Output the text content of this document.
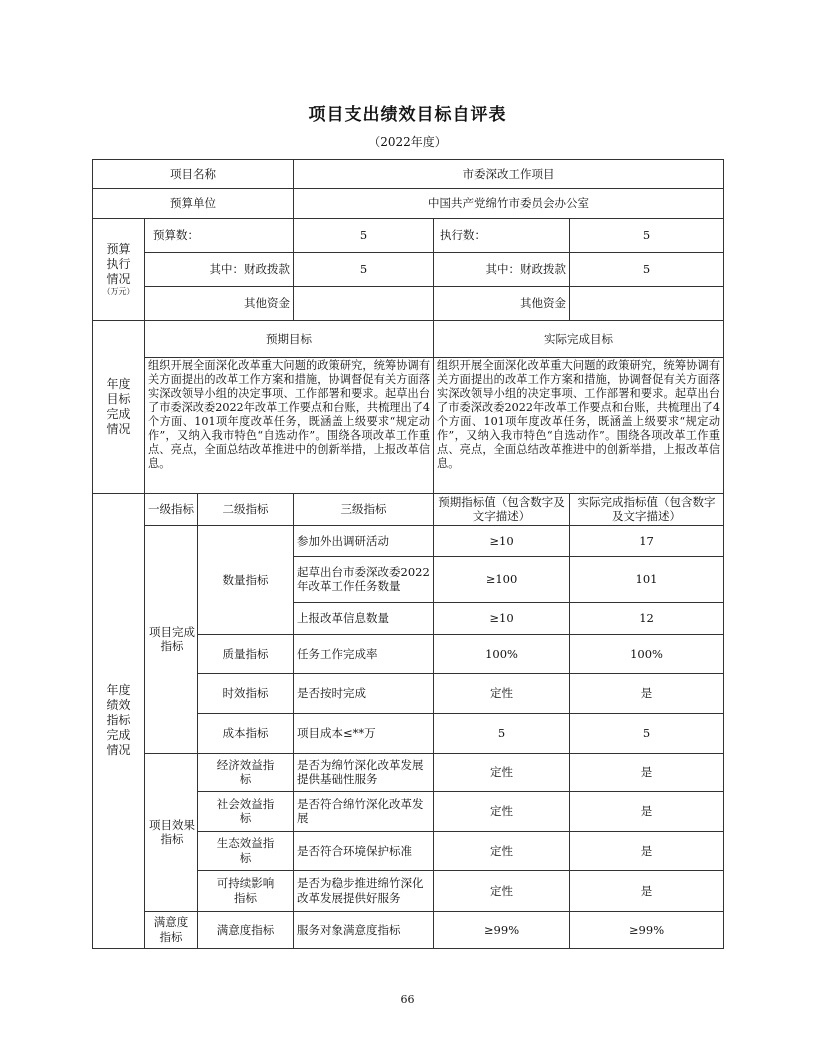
项目支出绩效目标自评表
（2022年度）
项目名称			市委深改工作项目		
预算单位			中国共产党绵竹市委员会办公室		

预算执行情况
（万元）	预算数：		5	执行数：	5
	其中：财政拨款		5	其中：财政拨款	5
	其他资金			其他资金	

年度目标完成情况	预期目标			实际完成目标	
	组织开展全面深化改革重大问题的政策研究，统筹协调有关方面提出的改革工作方案和措施，协调督促有关方面落实深改领导小组的决定事项、工作部署和要求。起草出台了市委深改委2022年改革工作要点和台账，共梳理出了4个方面、101项年度改革任务，既涵盖上级要求“规定动作”，又纳入我市特色“自选动作”。围绕各项改革工作重点、亮点，全面总结改革推进中的创新举措，上报改革信息。			组织开展全面深化改革重大问题的政策研究，统筹协调有关方面提出的改革工作方案和措施，协调督促有关方面落实深改领导小组的决定事项、工作部署和要求。起草出台了市委深改委2022年改革工作要点和台账，共梳理出了4个方面、101项年度改革任务，既涵盖上级要求“规定动作”，又纳入我市特色“自选动作”。围绕各项改革工作重点、亮点，全面总结改革推进中的创新举措，上报改革信息。	

年度绩效指标完成情况	一级指标	二级指标	三级指标	预期指标值（包含数字及文字描述）	实际完成指标值（包含数字及文字描述）

	项目完成指标	数量指标	参加外出调研活动	≥10	17
			起草出台市委深改委2022年改革工作任务数量	≥100	101
			上报改革信息数量	≥10	12
		质量指标	任务工作完成率	100%	100%
		时效指标	是否按时完成	定性	是
		成本指标	项目成本≤**万	5	5

	项目效果指标	经济效益指标	是否为绵竹深化改革发展提供基础性服务	定性	是

		社会效益指标	是否符合绵竹深化改革发展	定性	是

		生态效益指标	是否符合环境保护标准	定性	是

		可持续影响指标	是否为稳步推进绵竹深化改革发展提供好服务	定性	是

	满意度指标	满意度指标	服务对象满意度指标	≥99%	≥99%
66
